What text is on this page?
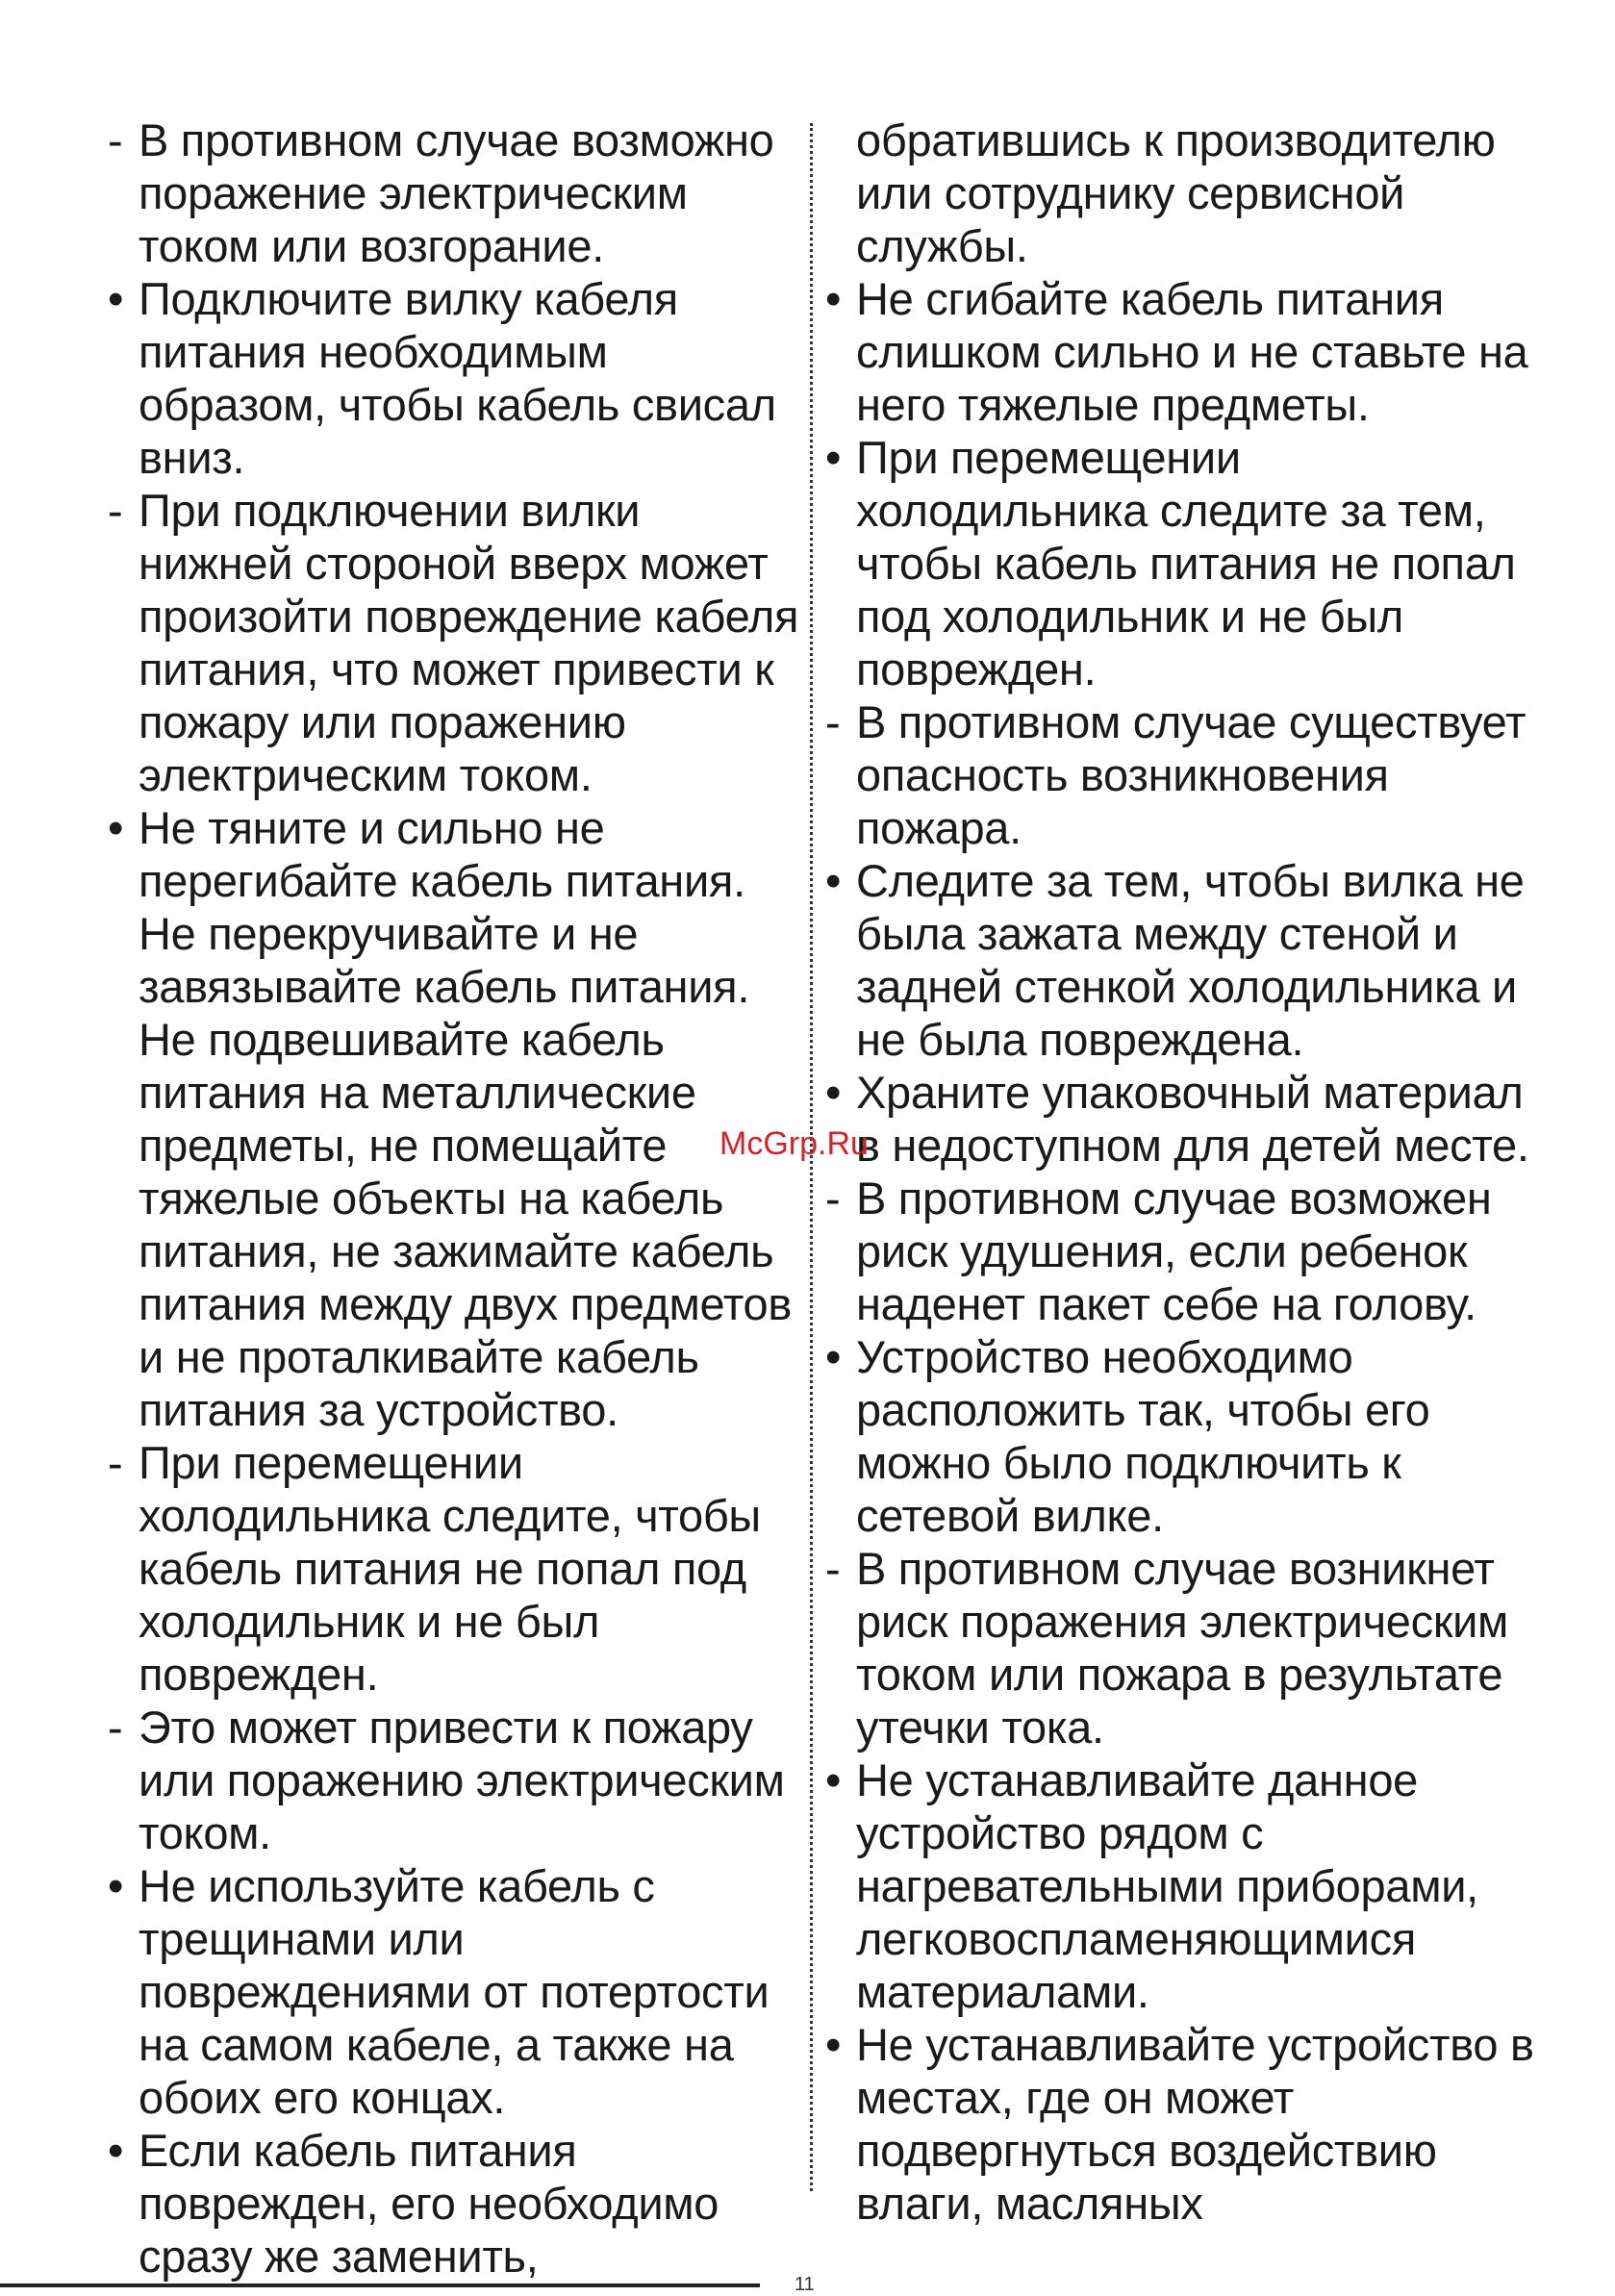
- В противном случае возможно поражение электрическим током или возгорание.
• Подключите вилку кабеля питания необходимым образом, чтобы кабель свисал вниз.
- При подключении вилки нижней стороной вверх может произойти повреждение кабеля питания, что может привести к пожару или поражению электрическим током.
• Не тяните и сильно не перегибайте кабель питания. Не перекручивайте и не завязывайте кабель питания. Не подвешивайте кабель питания на металлические предметы, не помещайте тяжелые объекты на кабель питания, не зажимайте кабель питания между двух предметов и не проталкивайте кабель питания за устройство.
- При перемещении холодильника следите, чтобы кабель питания не попал под холодильник и не был поврежден.
- Это может привести к пожару или поражению электрическим током.
• Не используйте кабель с трещинами или повреждениями от потертости на самом кабеле, а также на обоих его концах.
• Если кабель питания поврежден, его необходимо сразу же заменить,
обратившись к производителю или сотруднику сервисной службы.
• Не сгибайте кабель питания слишком сильно и не ставьте на него тяжелые предметы.
• При перемещении холодильника следите за тем, чтобы кабель питания не попал под холодильник и не был поврежден.
- В противном случае существует опасность возникновения пожара.
• Следите за тем, чтобы вилка не была зажата между стеной и задней стенкой холодильника и не была повреждена.
• Храните упаковочный материал в недоступном для детей месте.
- В противном случае возможен риск удушения, если ребенок наденет пакет себе на голову.
• Устройство необходимо расположить так, чтобы его можно было подключить к сетевой вилке.
- В противном случае возникнет риск поражения электрическим током или пожара в результате утечки тока.
• Не устанавливайте данное устройство рядом с нагревательными приборами, легковоспламеняющимися материалами.
• Не устанавливайте устройство в местах, где он может подвергнуться воздействию влаги, масляных
McGrp.Ru
11
